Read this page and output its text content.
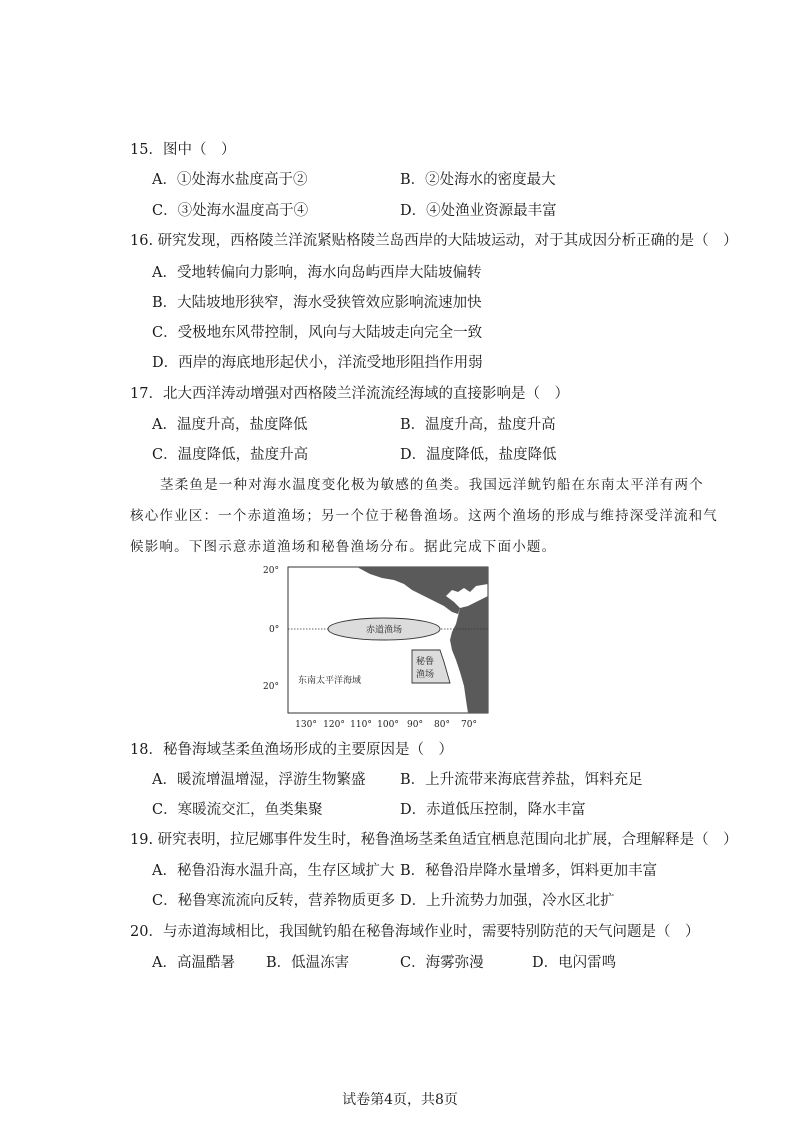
15．图中（　）
A．①处海水盐度高于②	B．②处海水的密度最大
C．③处海水温度高于④	D．④处渔业资源最丰富
16. 研究发现，西格陵兰洋流紧贴格陵兰岛西岸的大陆坡运动，对于其成因分析正确的是（　）
A．受地转偏向力影响，海水向岛屿西岸大陆坡偏转
B．大陆坡地形狭窄，海水受狭管效应影响流速加快
C．受极地东风带控制，风向与大陆坡走向完全一致
D．西岸的海底地形起伏小，洋流受地形阻挡作用弱
17．北大西洋涛动增强对西格陵兰洋流流经海域的直接影响是（　）
A．温度升高，盐度降低	B．温度升高，盐度升高
C．温度降低，盐度升高	D．温度降低，盐度降低
茎柔鱼是一种对海水温度变化极为敏感的鱼类。我国远洋鱿钓船在东南太平洋有两个
核心作业区：一个赤道渔场；另一个位于秘鲁渔场。这两个渔场的形成与维持深受洋流和气
候影响。下图示意赤道渔场和秘鲁渔场分布。据此完成下面小题。
20°
0°
20°
赤道渔场
秘鲁
渔场
东南太平洋海域
130° 120° 110° 100° 90° 80° 70°
18．秘鲁海域茎柔鱼渔场形成的主要原因是（　）
A．暖流增温增湿，浮游生物繁盛 B．上升流带来海底营养盐，饵料充足
C．寒暖流交汇，鱼类集聚	D．赤道低压控制，降水丰富
19. 研究表明，拉尼娜事件发生时，秘鲁渔场茎柔鱼适宜栖息范围向北扩展，合理解释是（　）
A．秘鲁沿海水温升高，生存区域扩大 B．秘鲁沿岸降水量增多，饵料更加丰富
C．秘鲁寒流流向反转，营养物质更多 D．上升流势力加强，冷水区北扩
20．与赤道海域相比，我国鱿钓船在秘鲁海域作业时，需要特别防范的天气问题是（　）
A．高温酷暑 B．低温冻害	C．海雾弥漫	D．电闪雷鸣
试卷第4页，共8页
